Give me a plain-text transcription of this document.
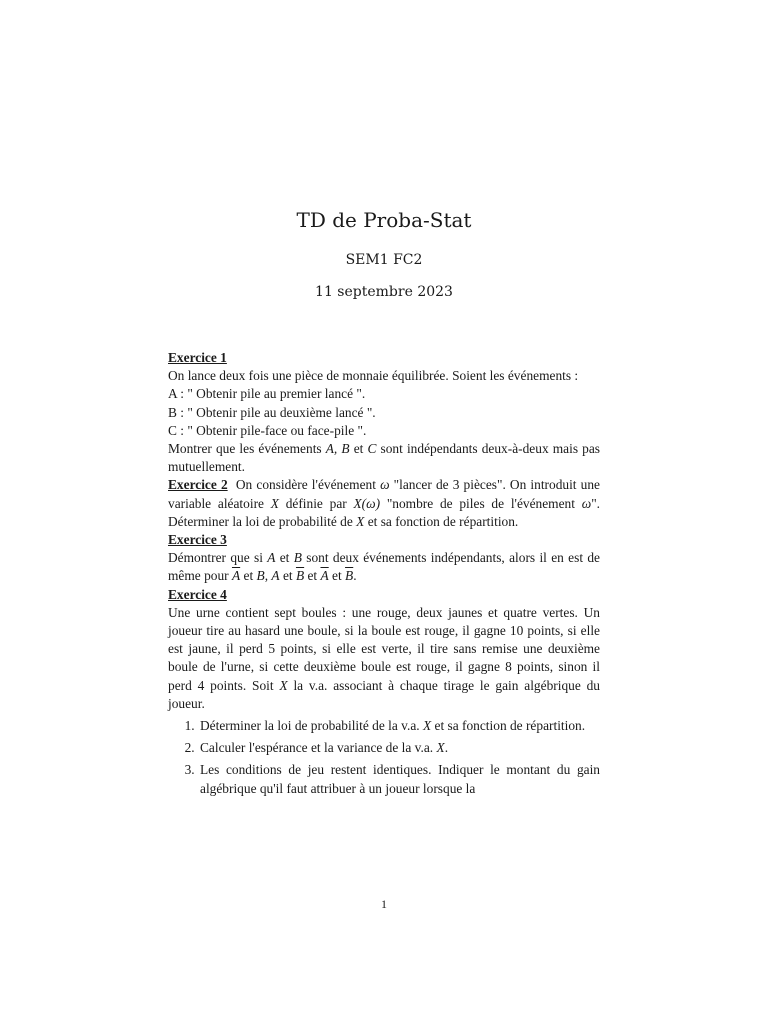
TD de Proba-Stat
SEM1 FC2
11 septembre 2023

Exercice 1

On lance deux fois une pièce de monnaie équilibrée. Soient les événements :

A : " Obtenir pile au premier lancé ".

B : " Obtenir pile au deuxième lancé ".

C : " Obtenir pile-face ou face-pile ".

Montrer que les événements A, B et C sont indépendants deux-à-deux mais pas mutuellement.

Exercice 2  On considère l'événement ω "lancer de 3 pièces". On introduit une variable aléatoire X définie par X(ω) "nombre de piles de l'événement ω". Déterminer la loi de probabilité de X et sa fonction de répartition.

Exercice 3

Démontrer que si A et B sont deux événements indépendants, alors il en est de même pour $\overline{A}$ et B, A et $\overline{B}$ et $\overline{A}$ et $\overline{B}$.

Exercice 4

Une urne contient sept boules : une rouge, deux jaunes et quatre vertes. Un joueur tire au hasard une boule, si la boule est rouge, il gagne 10 points, si elle est jaune, il perd 5 points, si elle est verte, il tire sans remise une deuxième boule de l'urne, si cette deuxième boule est rouge, il gagne 8 points, sinon il perd 4 points. Soit X la v.a. associant à chaque tirage le gain algébrique du joueur.

1. Déterminer la loi de probabilité de la v.a. X et sa fonction de répartition.
2. Calculer l'espérance et la variance de la v.a. X.
3. Les conditions de jeu restent identiques. Indiquer le montant du gain algébrique qu'il faut attribuer à un joueur lorsque la
1
